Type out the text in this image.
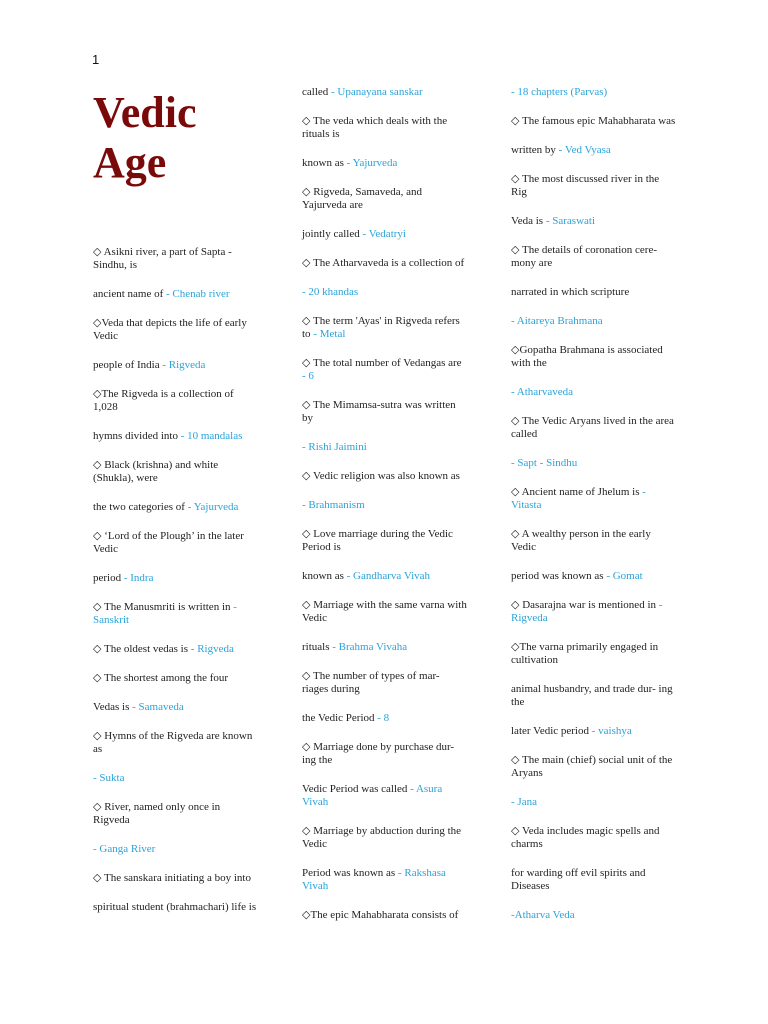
1
Vedic
Age

◇ Asikni river, a part of Sapta - Sindhu, is

ancient name of - Chenab river

◇Veda that depicts the life of early Vedic

people of India - Rigveda

◇The Rigveda is a collection of 1,028

hymns divided into - 10 mandalas

◇ Black (krishna) and white (Shukla), were

the two categories of - Yajurveda

◇ ‘Lord of the Plough’ in the later Vedic

period - Indra

◇ The Manusmriti is written in - Sanskrit

◇ The oldest vedas is - Rigveda

◇ The shortest among the four

Vedas is - Samaveda

◇ Hymns of the Rigveda are known as

- Sukta

◇ River, named only once in Rigveda

- Ganga River

◇ The sanskara initiating a boy into

spiritual student (brahmachari) life is

called - Upanayana sanskar

◇ The veda which deals with the rituals is

known as - Yajurveda

◇ Rigveda, Samaveda, and Yajurveda are

jointly called - Vedatryi

◇ The Atharvaveda is a collection of

- 20 khandas

◇ The term 'Ayas' in Rigveda refers to - Metal

◇ The total number of Vedangas are - 6

◇ The Mimamsa-sutra was written by

- Rishi Jaimini

◇ Vedic religion was also known as

- Brahmanism

◇ Love marriage during the Vedic Period is

known as - Gandharva Vivah

◇ Marriage with the same varna with Vedic

rituals - Brahma Vivaha

◇ The number of types of mar- riages during

the Vedic Period - 8

◇ Marriage done by purchase dur- ing the

Vedic Period was called - Asura Vivah

◇ Marriage by abduction during the Vedic

Period was known as - Rakshasa Vivah

◇The epic Mahabharata consists of

- 18 chapters (Parvas)

◇ The famous epic Mahabharata was

written by - Ved Vyasa

◇ The most discussed river in the Rig

Veda is - Saraswati

◇ The details of coronation cere- mony are

narrated in which scripture

- Aitareya Brahmana

◇Gopatha Brahmana is associated with the

- Atharvaveda

◇ The Vedic Aryans lived in the area called

- Sapt - Sindhu

◇ Ancient name of Jhelum is - Vitasta

◇ A wealthy person in the early Vedic

period was known as - Gomat

◇ Dasarajna war is mentioned in - Rigveda

◇The varna primarily engaged in cultivation

animal husbandry, and trade dur- ing the

later Vedic period - vaishya

◇ The main (chief) social unit of the Aryans

- Jana

◇ Veda includes magic spells and charms

for warding off evil spirits and Diseases

-Atharva Veda
